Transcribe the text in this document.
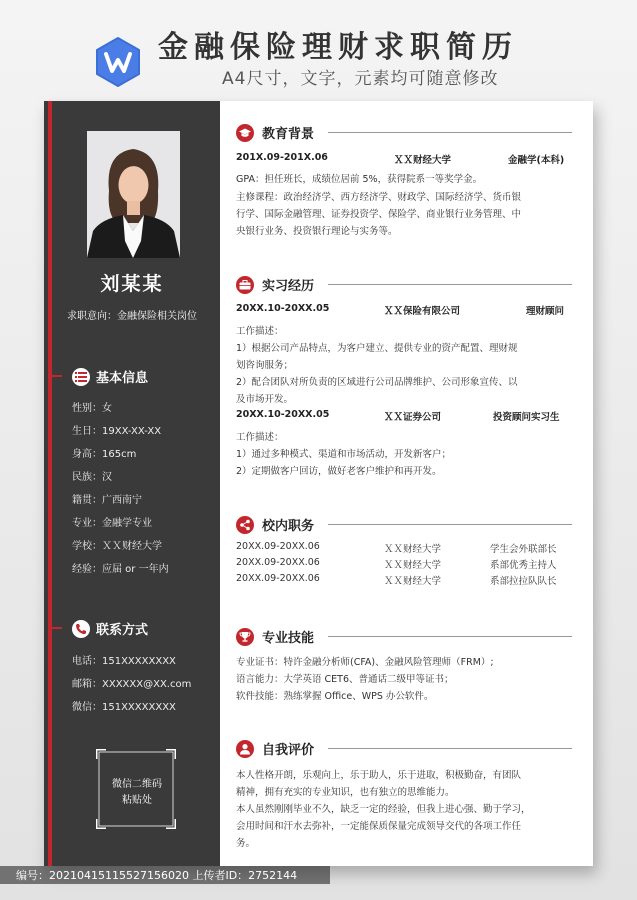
金融保险理财求职简历
A4尺寸，文字，元素均可随意修改
刘某某
求职意向：金融保险相关岗位
基本信息
性别：女
生日：19XX-XX-XX
身高：165cm
民族：汉
籍贯：广西南宁
专业：金融学专业
学校：ＸＸ财经大学
经验：应届 or 一年内
联系方式
电话：151XXXXXXXX
邮箱：XXXXXX@XX.com
微信：151XXXXXXXX
微信二维码
粘贴处
教育背景
201X.09-201X.06	ＸＸ财经大学	金融学(本科)
GPA：担任班长，成绩位居前 5%，获得院系一等奖学金。
主修课程：政治经济学、西方经济学、财政学、国际经济学、货币银
行学、国际金融管理、证券投资学、保险学、商业银行业务管理、中
央银行业务、投资银行理论与实务等。
实习经历
20XX.10-20XX.05	ＸＸ保险有限公司	理财顾问
工作描述：
1）根据公司产品特点，为客户建立、提供专业的资产配置、理财规
划咨询服务；
2）配合团队对所负责的区域进行公司品牌维护、公司形象宣传、以
及市场开发。
20XX.10-20XX.05	ＸＸ证券公司	投资顾问实习生
工作描述：
1）通过多种模式、渠道和市场活动，开发新客户；
2）定期做客户回访，做好老客户维护和再开发。
校内职务
20XX.09-20XX.06	ＸＸ财经大学	学生会外联部长
20XX.09-20XX.06	ＸＸ财经大学	系部优秀主持人
20XX.09-20XX.06	ＸＸ财经大学	系部拉拉队队长
专业技能
专业证书：特许金融分析师(CFA)、金融风险管理师（FRM）;
语言能力：大学英语 CET6、普通话二级甲等证书；
软件技能：熟练掌握 Office、WPS 办公软件。
自我评价
本人性格开朗，乐观向上，乐于助人，乐于进取，积极勤奋，有团队
精神，拥有充实的专业知识，也有独立的思维能力。
本人虽然刚刚毕业不久，缺乏一定的经验，但我上进心强、勤于学习，
会用时间和汗水去弥补，一定能保质保量完成领导交代的各项工作任
务。
编号：20210415115527156020 上传者ID：2752144
